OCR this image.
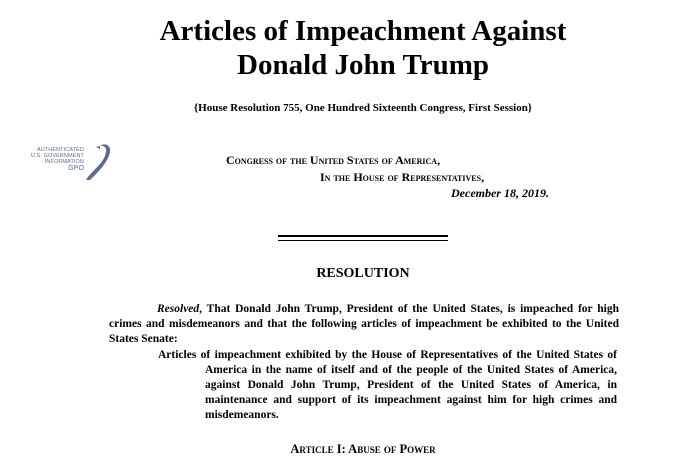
Articles of Impeachment Against
Donald John Trump
{House Resolution 755, One Hundred Sixteenth Congress, First Session}
AUTHENTICATED
U.S. GOVERNMENT
INFORMATION
GPO
Congress of the United States of America,
In the House of Representatives,
December 18, 2019.
RESOLUTION
Resolved, That Donald John Trump, President of the United States, is impeached for high crimes and misdemeanors and that the following articles of impeachment be exhibited to the United States Senate:
Articles of impeachment exhibited by the House of Representatives of the United States of America in the name of itself and of the people of the United States of America, against Donald John Trump, President of the United States of America, in maintenance and support of its impeachment against him for high crimes and misdemeanors.
Article I: Abuse of Power
